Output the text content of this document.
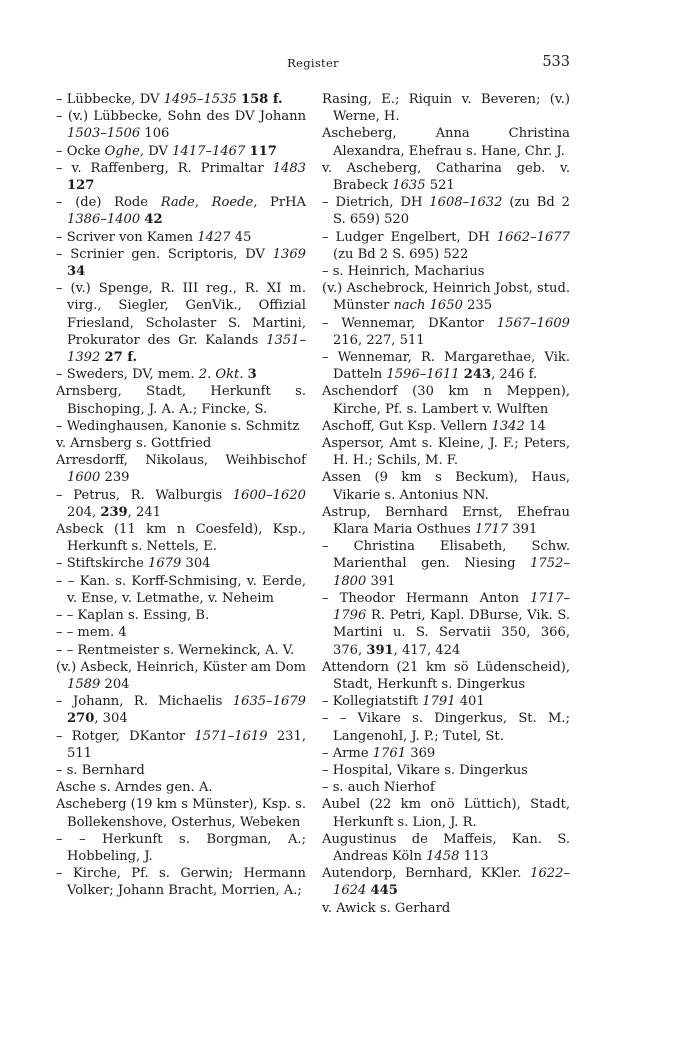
Register	533
– Lübbecke, DV 1495–1535 158 f.
– (v.) Lübbecke, Sohn des DV Johann 1503–1506 106
– Ocke Oghe, DV 1417–1467 117
– v. Raffenberg, R. Primaltar 1483 127
– (de) Rode Rade, Roede, PrHA 1386–1400 42
– Scriver von Kamen 1427 45
– Scrinier gen. Scriptoris, DV 1369 34
– (v.) Spenge, R. III reg., R. XI m. virg., Siegler, GenVik., Offizial Friesland, Scholaster S. Martini, Prokurator des Gr. Kalands 1351–1392 27 f.
– Sweders, DV, mem. 2. Okt. 3
Arnsberg, Stadt, Herkunft s. Bischoping, J. A. A.; Fincke, S.
– Wedinghausen, Kanonie s. Schmitz
v. Arnsberg s. Gottfried
Arresdorff, Nikolaus, Weihbischof 1600 239
– Petrus, R. Walburgis 1600–1620 204, 239, 241
Asbeck (11 km n Coesfeld), Ksp., Herkunft s. Nettels, E.
– Stiftskirche 1679 304
– – Kan. s. Korff-Schmising, v. Eerde, v. Ense, v. Letmathe, v. Neheim
– – Kaplan s. Essing, B.
– – mem. 4
– – Rentmeister s. Wernekinck, A. V.
(v.) Asbeck, Heinrich, Küster am Dom 1589 204
– Johann, R. Michaelis 1635–1679 270, 304
– Rotger, DKantor 1571–1619 231, 511
– s. Bernhard
Asche s. Arndes gen. A.
Ascheberg (19 km s Münster), Ksp. s. Bollekenshove, Osterhus, Webeken
– – Herkunft s. Borgman, A.; Hobbeling, J.
– Kirche, Pf. s. Gerwin; Hermann Volker; Johann Bracht, Morrien, A.;
Rasing, E.; Riquin v. Beveren; (v.) Werne, H.
Ascheberg, Anna Christina Alexandra, Ehefrau s. Hane, Chr. J.
v. Ascheberg, Catharina geb. v. Brabeck 1635 521
– Dietrich, DH 1608–1632 (zu Bd 2 S. 659) 520
– Ludger Engelbert, DH 1662–1677 (zu Bd 2 S. 695) 522
– s. Heinrich, Macharius
(v.) Aschebrock, Heinrich Jobst, stud. Münster nach 1650 235
– Wennemar, DKantor 1567–1609 216, 227, 511
– Wennemar, R. Margarethae, Vik. Datteln 1596–1611 243, 246 f.
Aschendorf (30 km n Meppen), Kirche, Pf. s. Lambert v. Wulften
Aschoff, Gut Ksp. Vellern 1342 14
Aspersor, Amt s. Kleine, J. F.; Peters, H. H.; Schils, M. F.
Assen (9 km s Beckum), Haus, Vikarie s. Antonius NN.
Astrup, Bernhard Ernst, Ehefrau Klara Maria Osthues 1717 391
– Christina Elisabeth, Schw. Marienthal gen. Niesing 1752–1800 391
– Theodor Hermann Anton 1717–1796 R. Petri, Kapl. DBurse, Vik. S. Martini u. S. Servatii 350, 366, 376, 391, 417, 424
Attendorn (21 km sö Lüdenscheid), Stadt, Herkunft s. Dingerkus
– Kollegiatstift 1791 401
– – Vikare s. Dingerkus, St. M.; Langenohl, J. P.; Tutel, St.
– Arme 1761 369
– Hospital, Vikare s. Dingerkus
– s. auch Nierhof
Aubel (22 km onö Lüttich), Stadt, Herkunft s. Lion, J. R.
Augustinus de Maffeis, Kan. S. Andreas Köln 1458 113
Autendorp, Bernhard, KKler. 1622–1624 445
v. Awick s. Gerhard
